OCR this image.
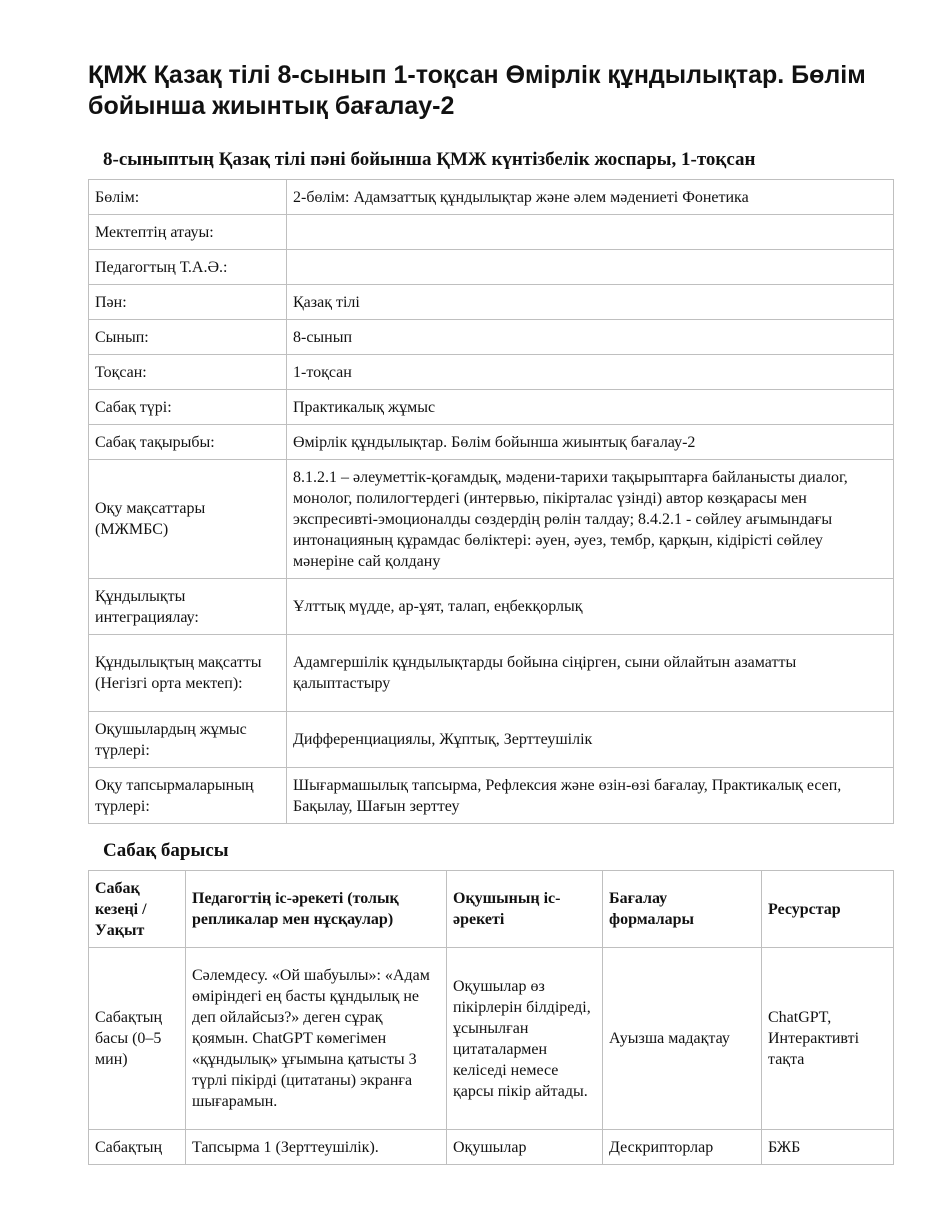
ҚМЖ Қазақ тілі 8-сынып 1-тоқсан Өмірлік құндылықтар. Бөлім бойынша жиынтық бағалау-2
8-сыныптың Қазақ тілі пәні бойынша ҚМЖ күнтізбелік жоспары, 1-тоқсан
Бөлім:	2-бөлім: Адамзаттық құндылықтар және әлем мәдениеті Фонетика
Мектептің атауы:	
Педагогтың Т.А.Ә.:	
Пән:	Қазақ тілі
Сынып:	8-сынып
Тоқсан:	1-тоқсан
Сабақ түрі:	Практикалық жұмыс
Сабақ тақырыбы:	Өмірлік құндылықтар. Бөлім бойынша жиынтық бағалау-2
Оқу мақсаттары (МЖМБС)	8.1.2.1 – әлеуметтік-қоғамдық, мәдени-тарихи тақырыптарға байланысты диалог, монолог, полилогтердегі (интервью, пікірталас үзінді) автор көзқарасы мен экспресивті-эмоционалды сөздердің рөлін талдау; 8.4.2.1 - сөйлеу ағымындағы интонацияның құрамдас бөліктері: әуен, әуез, тембр, қарқын, кідірісті сөйлеу мәнеріне сай қолдану
Құндылықты интеграциялау:	Ұлттық мүдде, ар-ұят, талап, еңбекқорлық
Құндылықтың мақсатты (Негізгі орта мектеп):	Адамгершілік құндылықтарды бойына сіңірген, сыни ойлайтын азаматты қалыптастыру
Оқушылардың жұмыс түрлері:	Дифференциациялы, Жұптық, Зерттеушілік
Оқу тапсырмаларының түрлері:	Шығармашылық тапсырма, Рефлексия және өзін-өзі бағалау, Практикалық есеп, Бақылау, Шағын зерттеу
Сабақ барысы
Сабақ кезеңі / Уақыт	Педагогтің іс-әрекеті (толық репликалар мен нұсқаулар)	Оқушының іс-әрекеті	Бағалау формалары	Ресурстар
Сабақтың басы (0–5 мин)	Сәлемдесу. «Ой шабуылы»: «Адам өміріндегі ең басты құндылық не деп ойлайсыз?» деген сұрақ қоямын. ChatGPT көмегімен «құндылық» ұғымына қатысты 3 түрлі пікірді (цитатаны) экранға шығарамын.	Оқушылар өз пікірлерін білдіреді, ұсынылған цитаталармен келіседі немесе қарсы пікір айтады.	Ауызша мадақтау	ChatGPT, Интерактивті тақта
Сабақтың	Тапсырма 1 (Зерттеушілік).	Оқушылар	Дескрипторлар	БЖБ
